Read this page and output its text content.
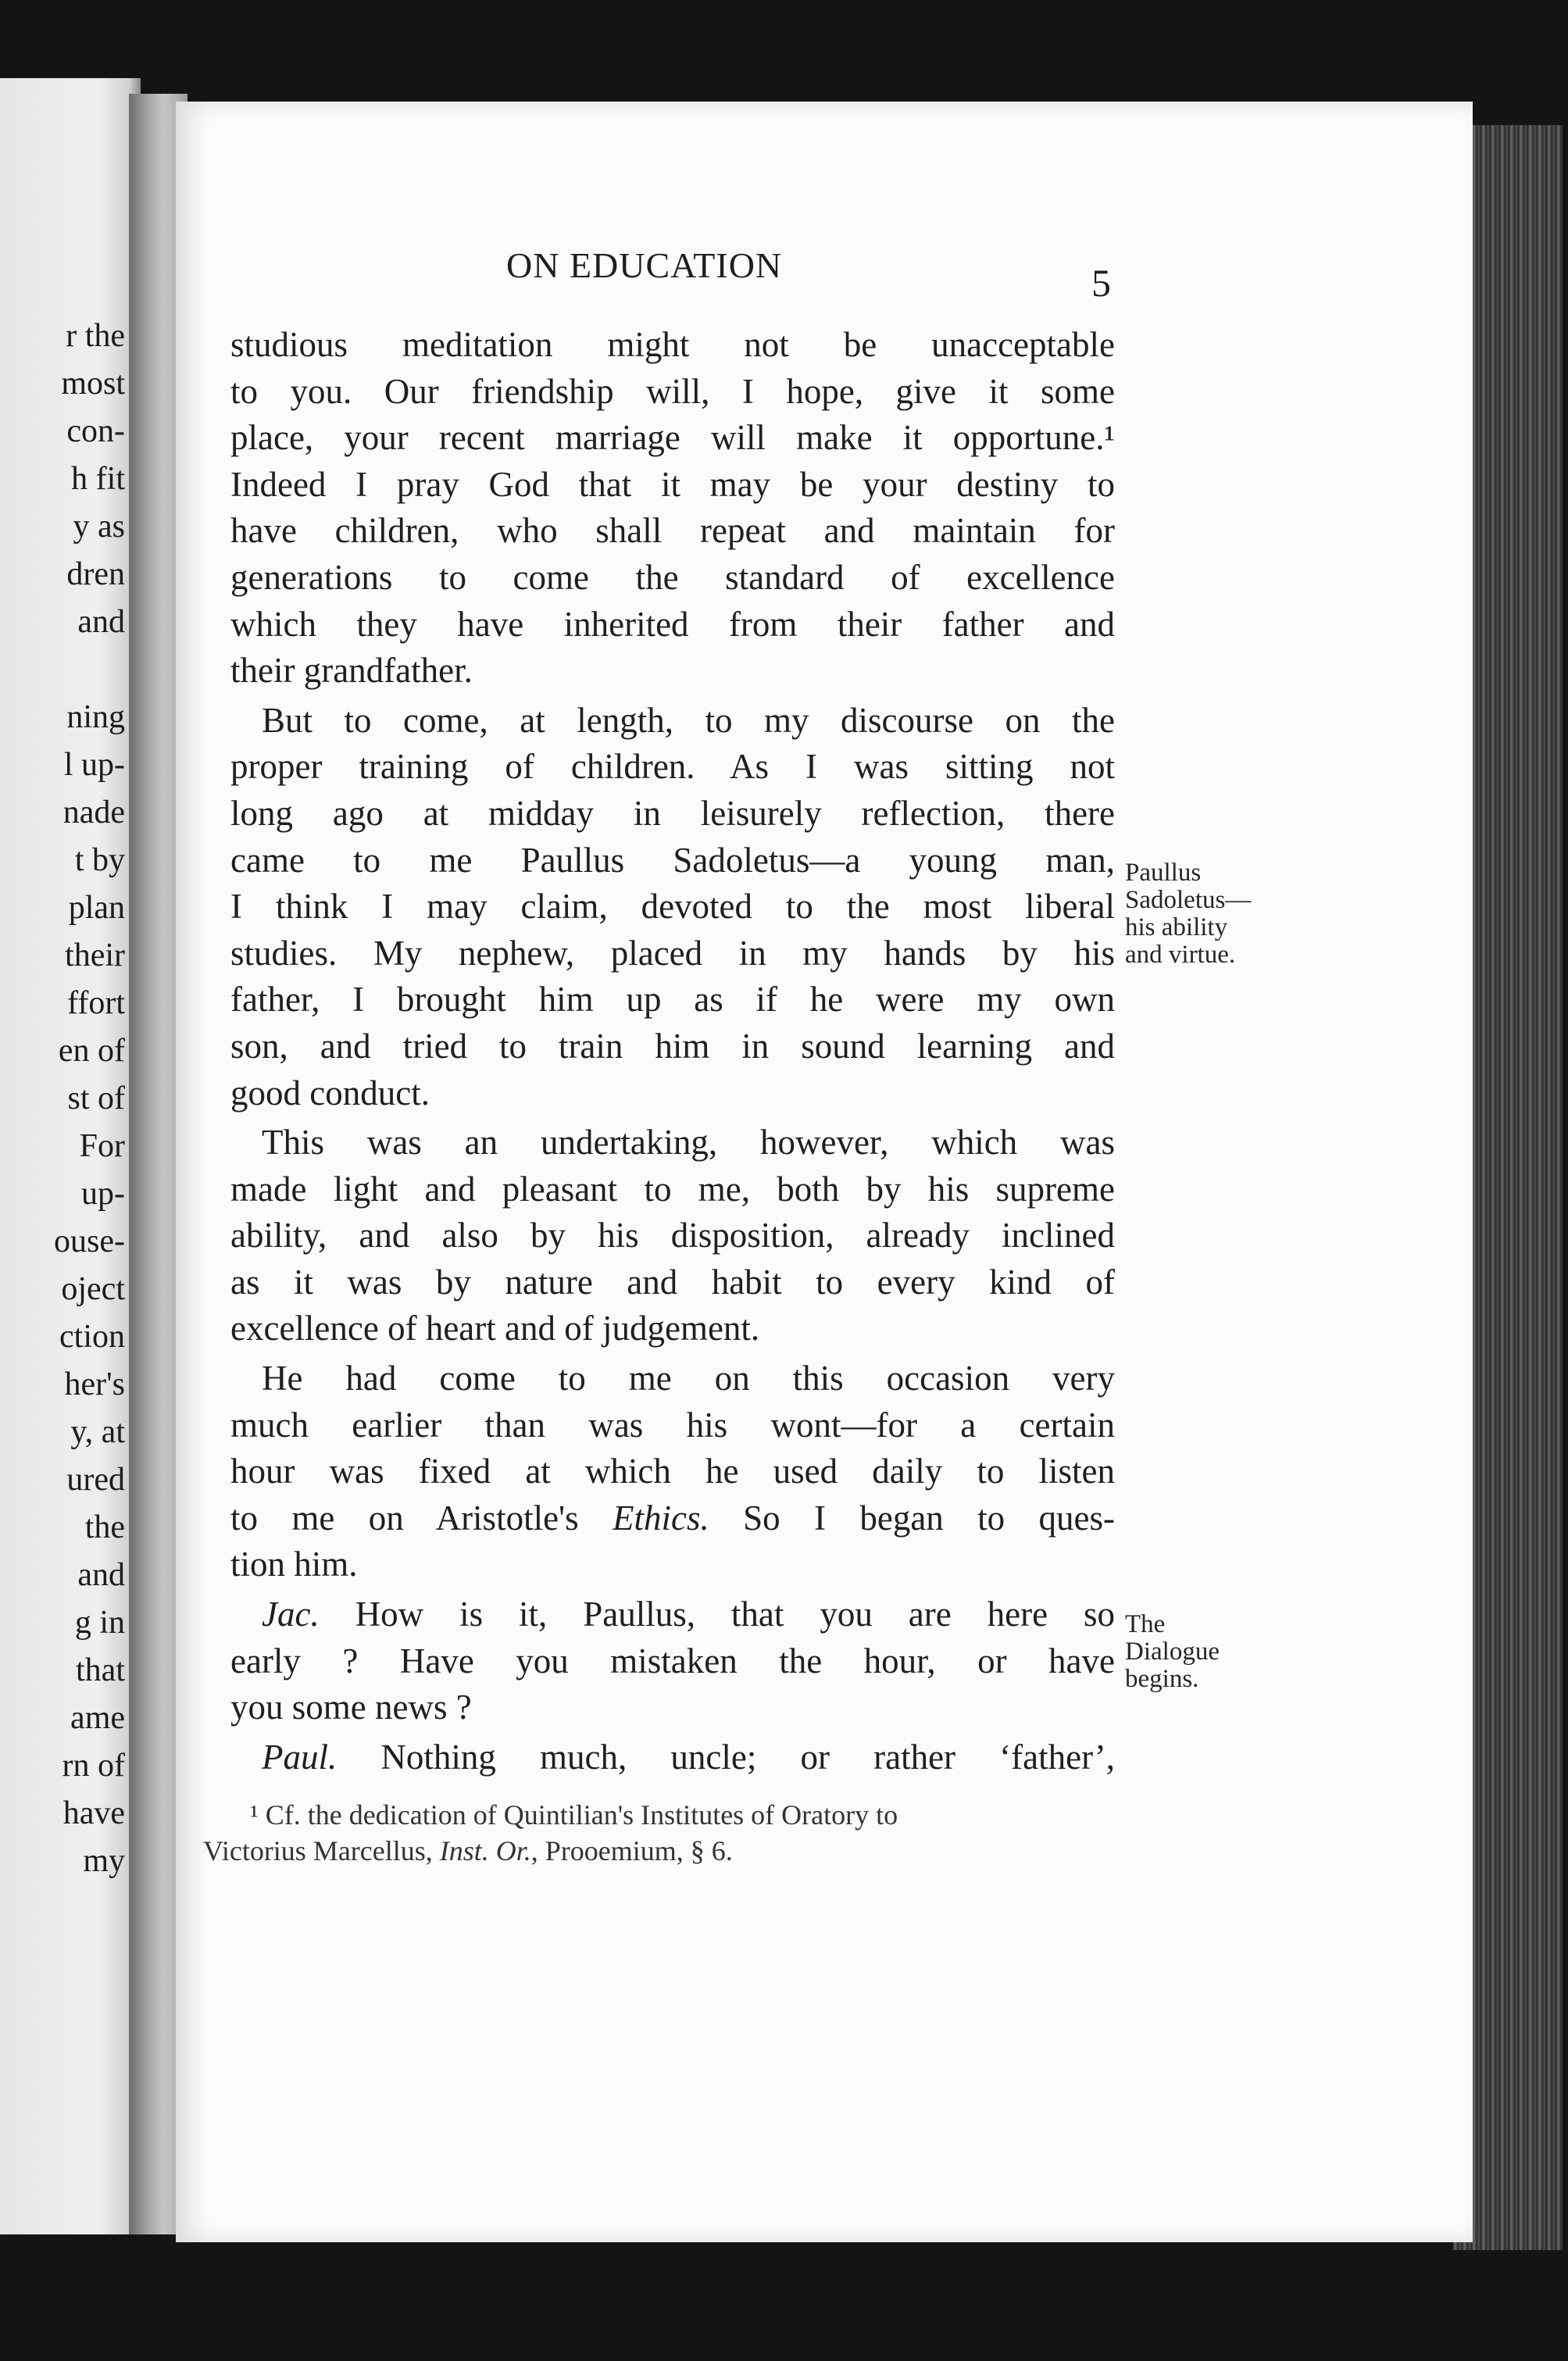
r the
most
con-
h fit
y as
dren
and
ning
l up-
nade
t by
plan
their
ffort
en of
st of
For
up-
ouse-
oject
ction
her's
y, at
ured
the
and
g in
that
ame
rn of
have
my
ON EDUCATION	5
studious meditation might not be unacceptable
to you. Our friendship will, I hope, give it some
place, your recent marriage will make it opportune.¹
Indeed I pray God that it may be your destiny to
have children, who shall repeat and maintain for
generations to come the standard of excellence
which they have inherited from their father and
their grandfather.
But to come, at length, to my discourse on the
proper training of children. As I was sitting not
long ago at midday in leisurely reflection, there
came to me Paullus Sadoletus—a young man,
I think I may claim, devoted to the most liberal
studies. My nephew, placed in my hands by his
father, I brought him up as if he were my own
son, and tried to train him in sound learning and
good conduct.
This was an undertaking, however, which was
made light and pleasant to me, both by his supreme
ability, and also by his disposition, already inclined
as it was by nature and habit to every kind of
excellence of heart and of judgement.
He had come to me on this occasion very
much earlier than was his wont—for a certain
hour was fixed at which he used daily to listen
to me on Aristotle's Ethics. So I began to ques-
tion him.
Jac. How is it, Paullus, that you are here so
early ? Have you mistaken the hour, or have
you some news ?
Paul. Nothing much, uncle; or rather ‘father’,
Paullus
Sadoletus—
his ability
and virtue.
The
Dialogue
begins.
¹ Cf. the dedication of Quintilian's Institutes of Oratory to
Victorius Marcellus, Inst. Or., Prooemium, § 6.
